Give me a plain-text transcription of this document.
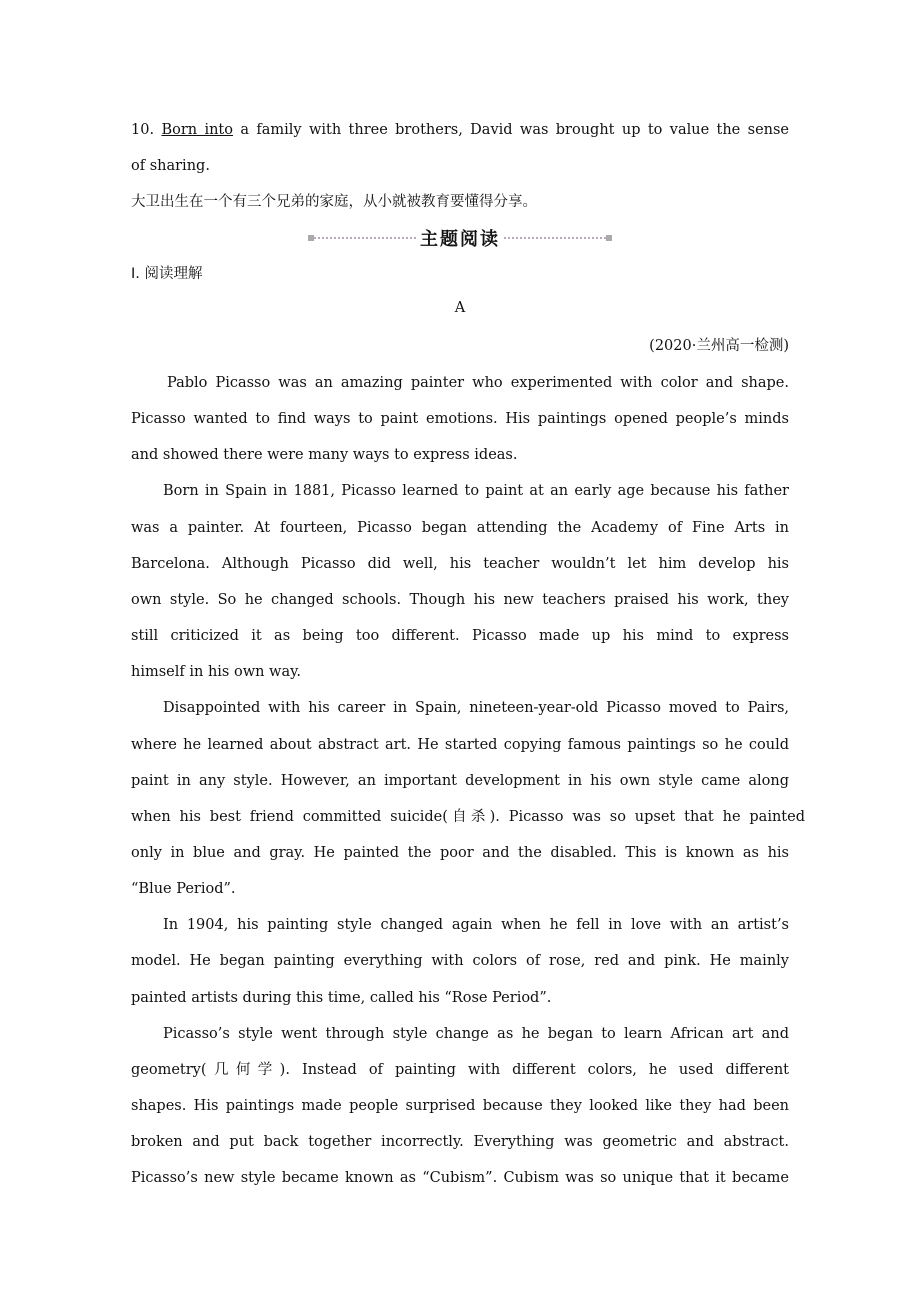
10. Born into a family with three brothers, David was brought up to value the sense
of sharing.
大卫出生在一个有三个兄弟的家庭，从小就被教育要懂得分享。
主题阅读
Ⅰ. 阅读理解
A
(2020·兰州高一检测)
Pablo Picasso was an amazing painter who experimented with color and shape.
Picasso wanted to find ways to paint emotions. His paintings opened people’s minds
and showed there were many ways to express ideas.
Born in Spain in 1881, Picasso learned to paint at an early age because his father
was a painter. At fourteen, Picasso began attending the Academy of Fine Arts in
Barcelona. Although Picasso did well, his teacher wouldn’t let him develop his
own style. So he changed schools. Though his new teachers praised his work, they
still criticized it as being too different. Picasso made up his mind to express
himself in his own way.
Disappointed with his career in Spain, nineteen-year-old Picasso moved to Pairs,
where he learned about abstract art. He started copying famous paintings so he could
paint in any style. However, an important development in his own style came along
when his best friend committed suicide(自杀). Picasso was so upset that he painted
only in blue and gray. He painted the poor and the disabled. This is known as his
“Blue Period”.
In 1904, his painting style changed again when he fell in love with an artist’s
model. He began painting everything with colors of rose, red and pink. He mainly
painted artists during this time, called his “Rose Period”.
Picasso’s style went through style change as he began to learn African art and
geometry(几何学). Instead of painting with different colors, he used different
shapes. His paintings made people surprised because they looked like they had been
broken and put back together incorrectly. Everything was geometric and abstract.
Picasso’s new style became known as “Cubism”. Cubism was so unique that it became
